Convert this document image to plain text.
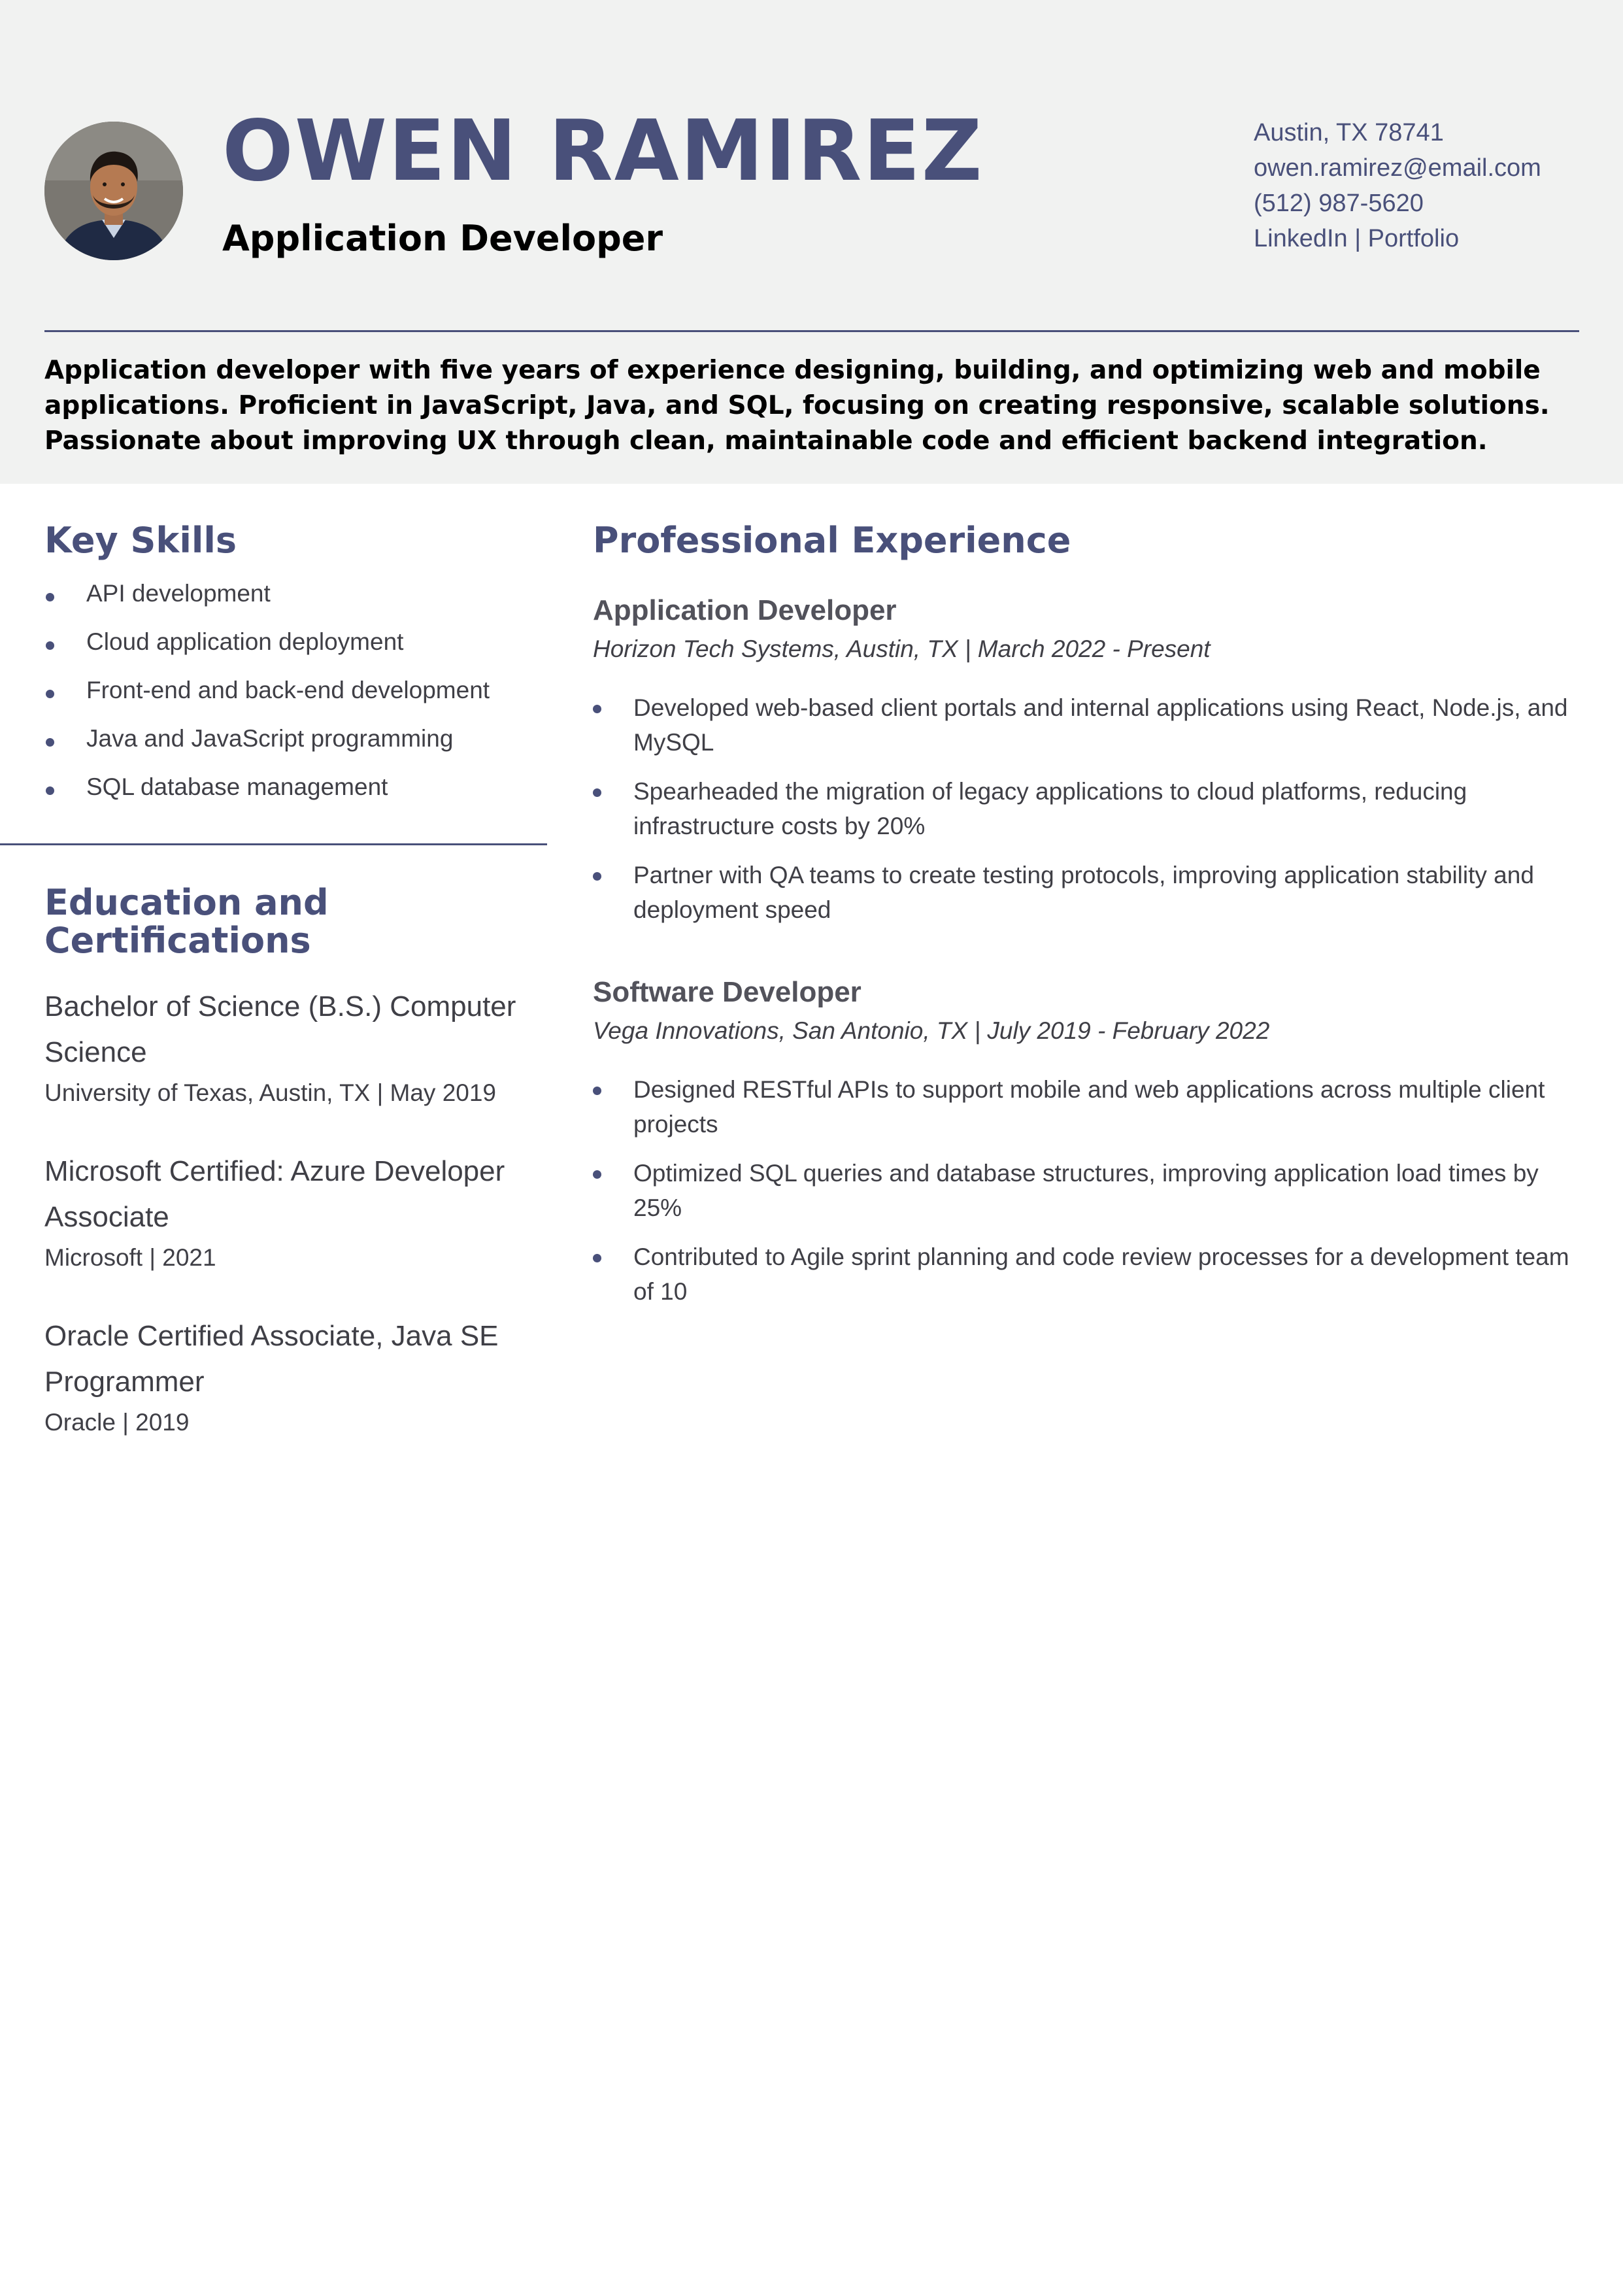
OWEN RAMIREZ
Application Developer
Austin, TX 78741
owen.ramirez@email.com
(512) 987-5620
LinkedIn | Portfolio

Application developer with five years of experience designing, building, and optimizing web and mobile applications. Proficient in JavaScript, Java, and SQL, focusing on creating responsive, scalable solutions. Passionate about improving UX through clean, maintainable code and efficient backend integration.

Key Skills
API development
Cloud application deployment
Front-end and back-end development
Java and JavaScript programming
SQL database management
Education and Certifications
Bachelor of Science (B.S.) Computer Science
University of Texas, Austin, TX | May 2019
Microsoft Certified: Azure Developer Associate
Microsoft | 2021
Oracle Certified Associate, Java SE Programmer
Oracle | 2019
Professional Experience
Application Developer
Horizon Tech Systems, Austin, TX | March 2022 - Present
Developed web-based client portals and internal applications using React, Node.js, and MySQL
Spearheaded the migration of legacy applications to cloud platforms, reducing infrastructure costs by 20%
Partner with QA teams to create testing protocols, improving application stability and deployment speed
Software Developer
Vega Innovations, San Antonio, TX | July 2019 - February 2022
Designed RESTful APIs to support mobile and web applications across multiple client projects
Optimized SQL queries and database structures, improving application load times by 25%
Contributed to Agile sprint planning and code review processes for a development team of 10
